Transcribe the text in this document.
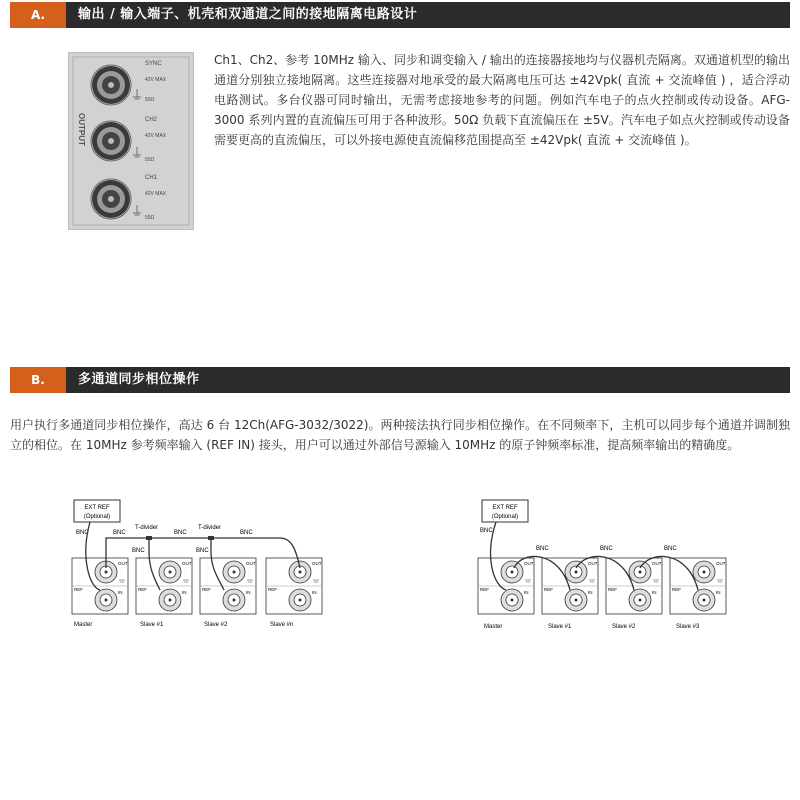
A.	输出 / 输入端子、机壳和双通道之间的接地隔离电路设计
OUTPUT
SYNC
42V MAX
50Ω
CH2
42V MAX
50Ω
CH1
42V MAX
50Ω
Ch1、Ch2、参考 10MHz 输入、同步和调变输入 / 输出的连接器接地均与仪器机壳隔离。双通道机型的输出通道分别独立接地隔离。这些连接器对地承受的最大隔离电压可达 ±42Vpk( 直流 + 交流峰值 ) ，适合浮动电路测试。多台仪器可同时输出，无需考虑接地参考的问题。例如汽车电子的点火控制或传动设备。AFG-3000 系列内置的直流偏压可用于各种波形。50Ω 负载下直流偏压在 ±5V。汽车电子如点火控制或传动设备需要更高的直流偏压，可以外接电源使直流偏移范围提高至 ±42Vpk( 直流 + 交流峰值 )。
B.	多通道同步相位操作
用户执行多通道同步相位操作，高达 6 台 12Ch(AFG-3032/3022)。两种接法执行同步相位操作。在不同频率下，主机可以同步每个通道并调制独立的相位。在 10MHz 参考频率输入 (REF IN) 接头，用户可以通过外部信号源输入 10MHz 的原子钟频率标准，提高频率输出的精确度。
EXT REF
(Optional)
BNC	BNC
T-divider
BNC
T-divider
BNC
BNC	BNC
OUT
IN
REF
OUT
IN
REF
OUT
IN
REF
OUT
IN
REF
Master	Slave #1	Slave #2	Slave #n
EXT REF
(Optional)
BNC
BNC	BNC	BNC
OUT
IN
REF
OUT
IN
REF
OUT
IN
REF
OUT
IN
REF
Master	Slave #1	Slave #2	Slave #3
